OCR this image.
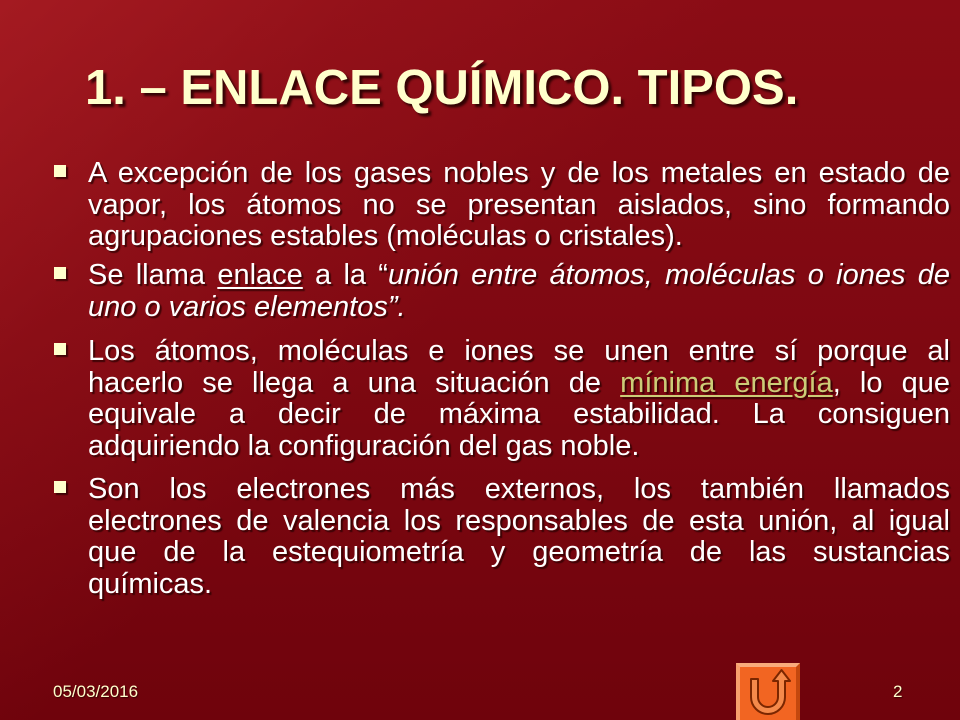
1. – ENLACE QUÍMICO. TIPOS.
A excepción de los gases nobles y de los metales en estado de
vapor, los átomos no se presentan aislados, sino formando
agrupaciones estables (moléculas o cristales).
Se llama enlace a la “unión entre átomos, moléculas o iones de
uno o varios elementos”.
Los átomos, moléculas e iones se unen entre sí porque al
hacerlo se llega a una situación de mínima energía, lo que
equivale a decir de máxima estabilidad. La consiguen
adquiriendo la configuración del gas noble.
Son los electrones más externos, los también llamados
electrones de valencia los responsables de esta unión, al igual
que de la estequiometría y geometría de las sustancias
químicas.
05/03/2016	2
